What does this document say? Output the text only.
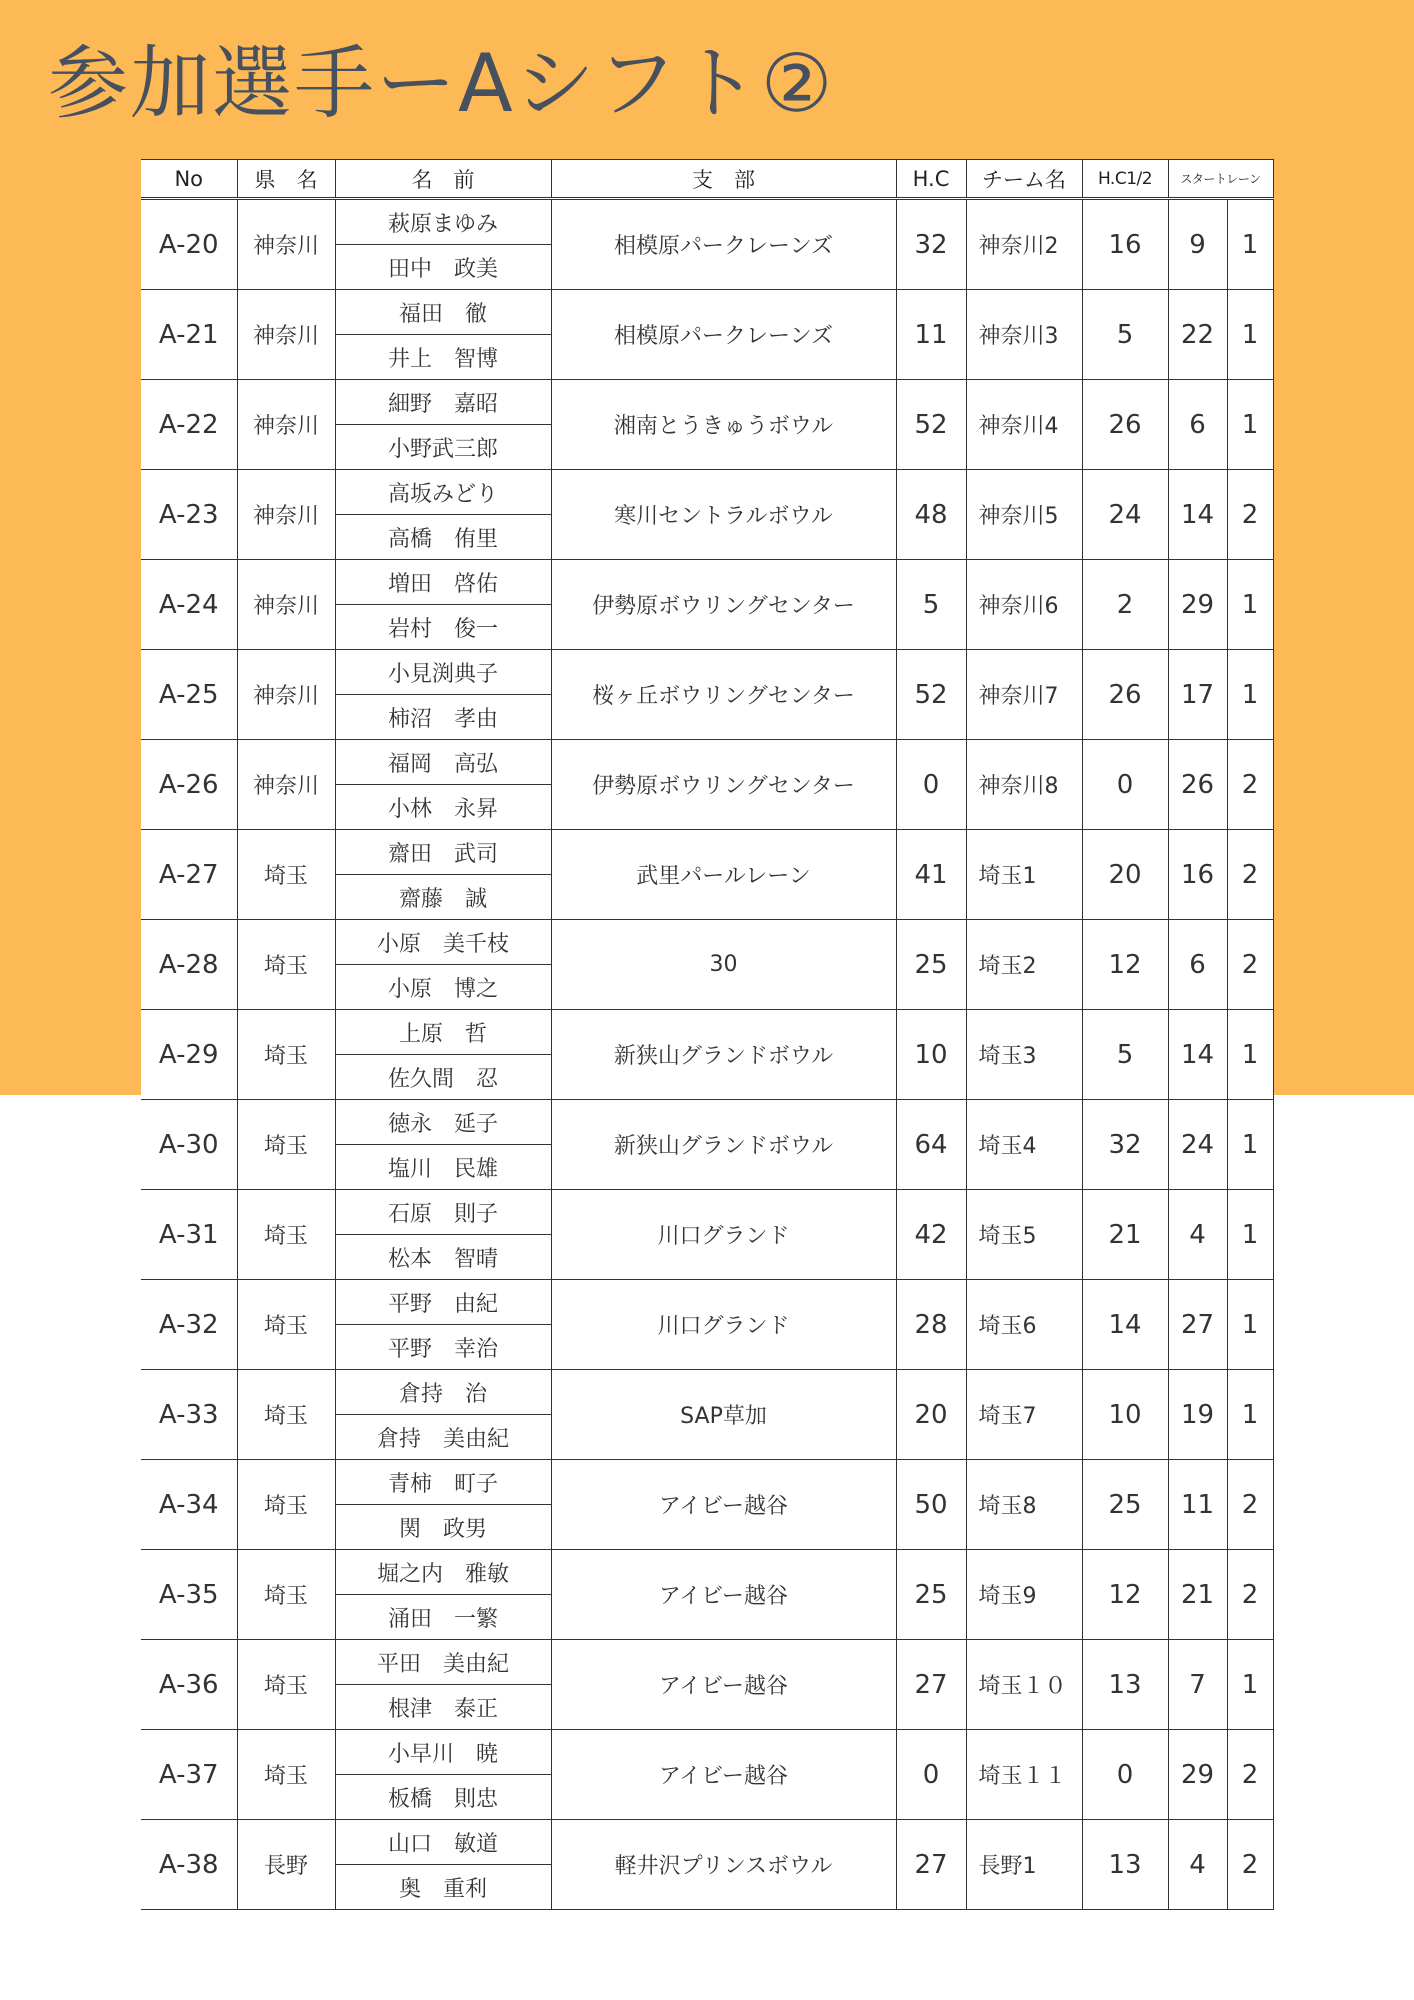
参加選手ーAシフト②
No	県　名	名　前	支　部	H.C	チーム名	H.C1/2	スタートレーン	
A-20	神奈川	萩原まゆみ	相模原パークレーンズ	32	神奈川2	16	9	1
		田中　政美						
A-21	神奈川	福田　徹	相模原パークレーンズ	11	神奈川3	5	22	1
		井上　智博						
A-22	神奈川	細野　嘉昭	湘南とうきゅうボウル	52	神奈川4	26	6	1
		小野武三郎						
A-23	神奈川	高坂みどり	寒川セントラルボウル	48	神奈川5	24	14	2
		高橋　侑里						
A-24	神奈川	増田　啓佑	伊勢原ボウリングセンター	5	神奈川6	2	29	1
		岩村　俊一						
A-25	神奈川	小見渕典子	桜ヶ丘ボウリングセンター	52	神奈川7	26	17	1
		柿沼　孝由						
A-26	神奈川	福岡　高弘	伊勢原ボウリングセンター	0	神奈川8	0	26	2
		小林　永昇						
A-27	埼玉	齋田　武司	武里パールレーン	41	埼玉1	20	16	2
		齋藤　誠						
A-28	埼玉	小原　美千枝	30	25	埼玉2	12	6	2
		小原　博之						
A-29	埼玉	上原　哲	新狭山グランドボウル	10	埼玉3	5	14	1
		佐久間　忍						
A-30	埼玉	徳永　延子	新狭山グランドボウル	64	埼玉4	32	24	1
		塩川　民雄						
A-31	埼玉	石原　則子	川口グランド	42	埼玉5	21	4	1
		松本　智晴						
A-32	埼玉	平野　由紀	川口グランド	28	埼玉6	14	27	1
		平野　幸治						
A-33	埼玉	倉持　治	SAP草加	20	埼玉7	10	19	1
		倉持　美由紀						
A-34	埼玉	青柿　町子	アイビー越谷	50	埼玉8	25	11	2
		関　政男						
A-35	埼玉	堀之内　雅敏	アイビー越谷	25	埼玉9	12	21	2
		涌田　一繁						
A-36	埼玉	平田　美由紀	アイビー越谷	27	埼玉１０	13	7	1
		根津　泰正						
A-37	埼玉	小早川　暁	アイビー越谷	0	埼玉１１	0	29	2
		板橋　則忠						
A-38	長野	山口　敏道	軽井沢プリンスボウル	27	長野1	13	4	2
		奥　重利						
